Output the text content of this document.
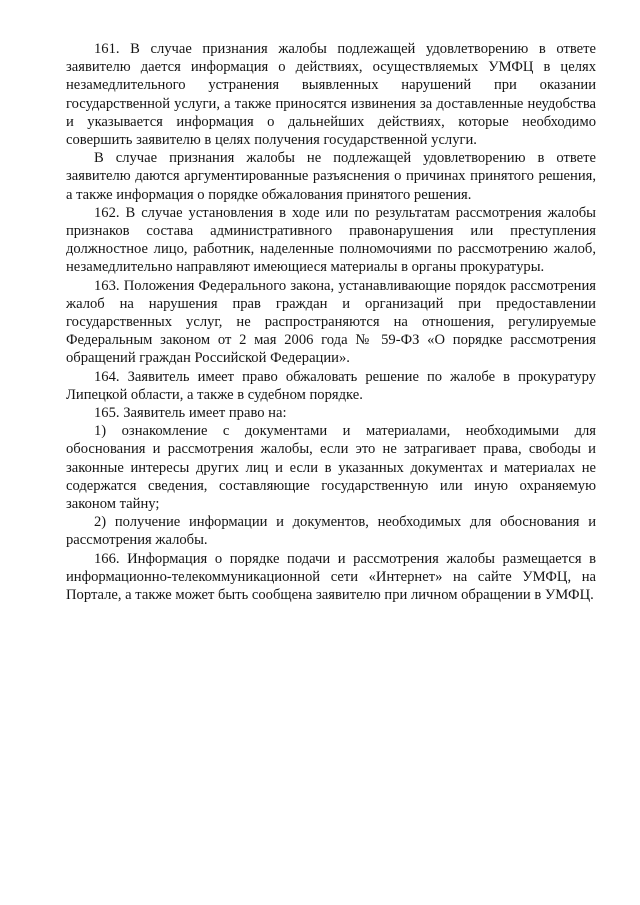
161. В случае признания жалобы подлежащей удовлетворению в ответе заявителю дается информация о действиях, осуществляемых УМФЦ в целях незамедлительного устранения выявленных нарушений при оказании государственной услуги, а также приносятся извинения за доставленные неудобства и указывается информация о дальнейших действиях, которые необходимо совершить заявителю в целях получения государственной услуги.

В случае признания жалобы не подлежащей удовлетворению в ответе заявителю даются аргументированные разъяснения о причинах принятого решения, а также информация о порядке обжалования принятого решения.

162. В случае установления в ходе или по результатам рассмотрения жалобы признаков состава административного правонарушения или преступления должностное лицо, работник, наделенные полномочиями по рассмотрению жалоб, незамедлительно направляют имеющиеся материалы в органы прокуратуры.

163. Положения Федерального закона, устанавливающие порядок рассмотрения жалоб на нарушения прав граждан и организаций при предоставлении государственных услуг, не распространяются на отношения, регулируемые Федеральным законом от 2 мая 2006 года № 59-ФЗ «О порядке рассмотрения обращений граждан Российской Федерации».

164. Заявитель имеет право обжаловать решение по жалобе в прокуратуру Липецкой области, а также в судебном порядке.

165. Заявитель имеет право на:

1) ознакомление с документами и материалами, необходимыми для обоснования и рассмотрения жалобы, если это не затрагивает права, свободы и законные интересы других лиц и если в указанных документах и материалах не содержатся сведения, составляющие государственную или иную охраняемую законом тайну;

2) получение информации и документов, необходимых для обоснования и рассмотрения жалобы.

166. Информация о порядке подачи и рассмотрения жалобы размещается в информационно-телекоммуникационной сети «Интернет» на сайте УМФЦ, на Портале, а также может быть сообщена заявителю при личном обращении в УМФЦ.
